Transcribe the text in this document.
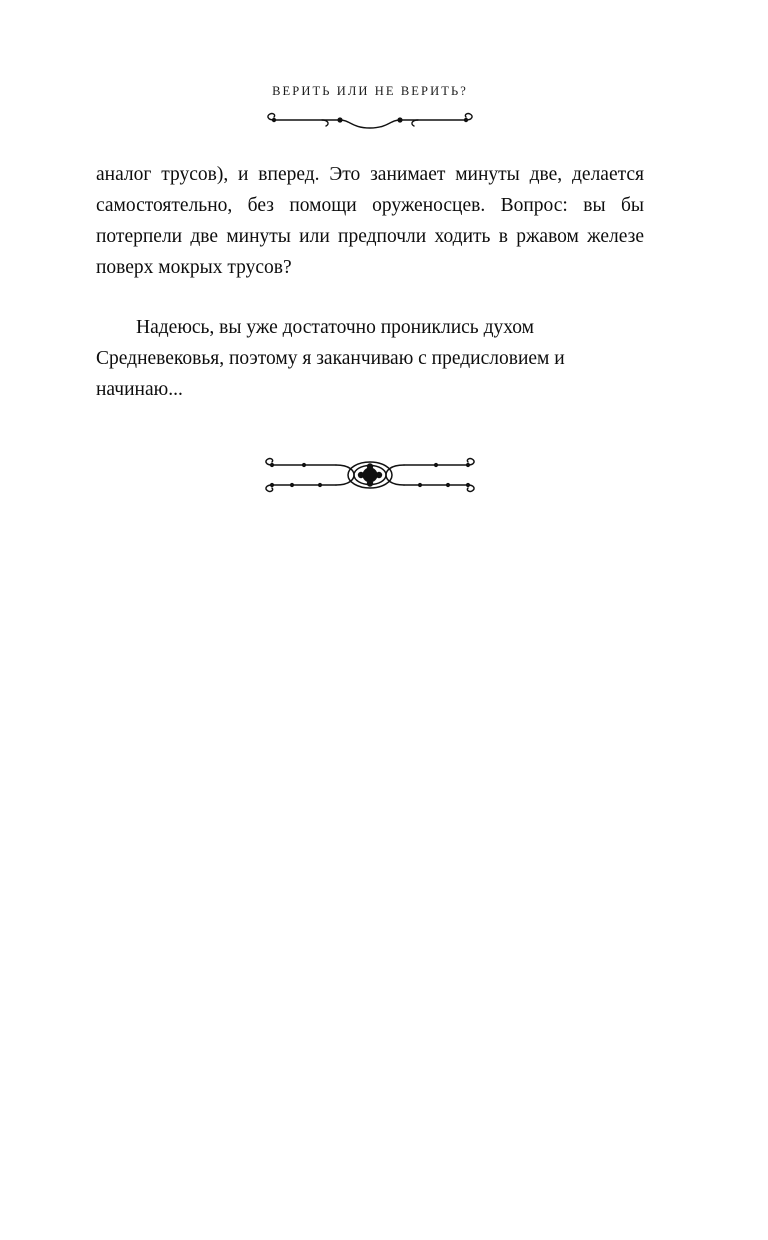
ВЕРИТЬ ИЛИ НЕ ВЕРИТЬ?

аналог трусов), и вперед. Это занимает минуты две, делается самостоятельно, без помощи оруженосцев. Вопрос: вы бы потерпели две минуты или предпочли ходить в ржавом железе поверх мокрых трусов?

Надеюсь, вы уже достаточно прониклись духом Средневековья, поэтому я заканчиваю с предисловием и начинаю...
